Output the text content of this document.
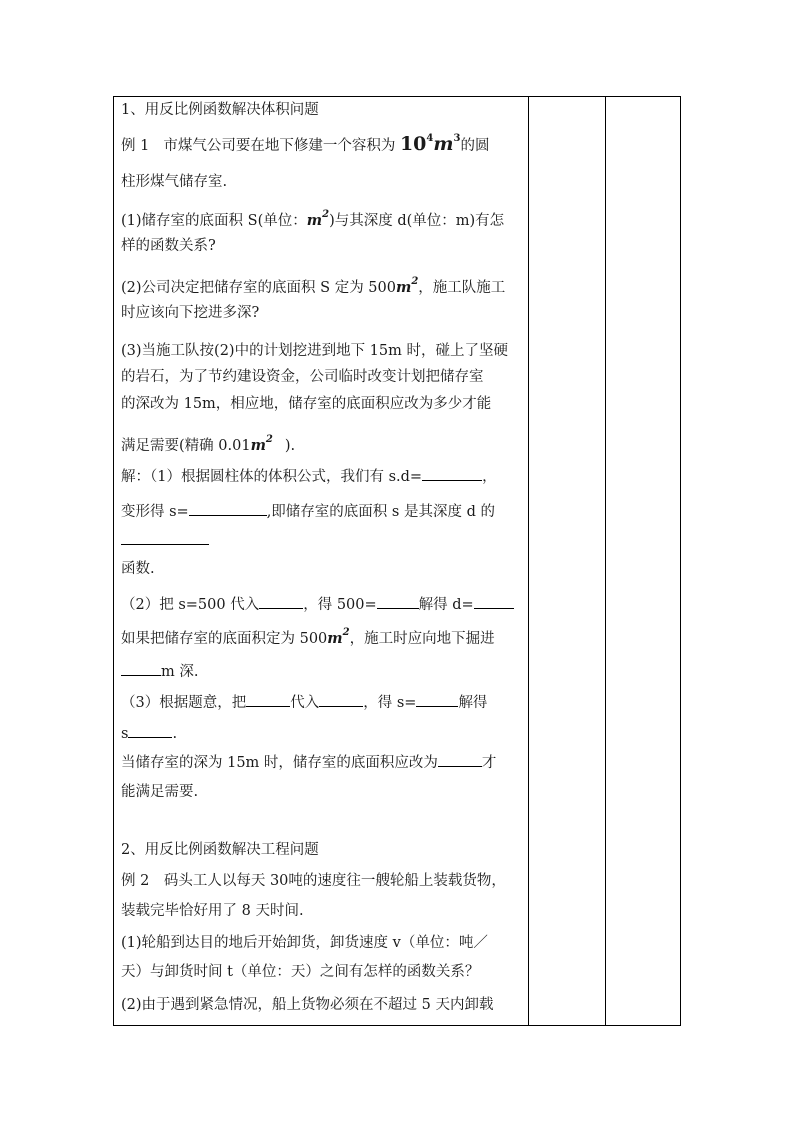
1、用反比例函数解决体积问题
例 1 市煤气公司要在地下修建一个容积为 $10^4m^3$的圆
柱形煤气储存室.
(1)储存室的底面积 S(单位：$m^2$)与其深度 d(单位：m)有怎
样的函数关系?
(2)公司决定把储存室的底面积 S 定为 $500m^2$，施工队施工
时应该向下挖进多深?
(3)当施工队按(2)中的计划挖进到地下 15m 时，碰上了坚硬
的岩石，为了节约建设资金，公司临时改变计划把储存室
的深改为 15m，相应地，储存室的底面积应改为多少才能
满足需要(精确 $0.01m^2$ ).
解：（1）根据圆柱体的体积公式，我们有 s.d=	，
变形得 s=	,即储存室的底面积 s 是其深度 d 的
函数.
（2）把 s=500 代入	，得 500=	解得 d=
如果把储存室的底面积定为 $500m^2$，施工时应向地下掘进
m 深.
（3）根据题意，把	代入	，得 s=	解得
s	.
当储存室的深为 15m 时，储存室的底面积应改为	才
能满足需要.
2、用反比例函数解决工程问题
例 2　码头工人以每天 30吨的速度往一艘轮船上装载货物，
装载完毕恰好用了 8 天时间.
(1)轮船到达目的地后开始卸货，卸货速度 v（单位：吨／
天）与卸货时间 t（单位：天）之间有怎样的函数关系？
(2)由于遇到紧急情况，船上货物必须在不超过 5 天内卸载
